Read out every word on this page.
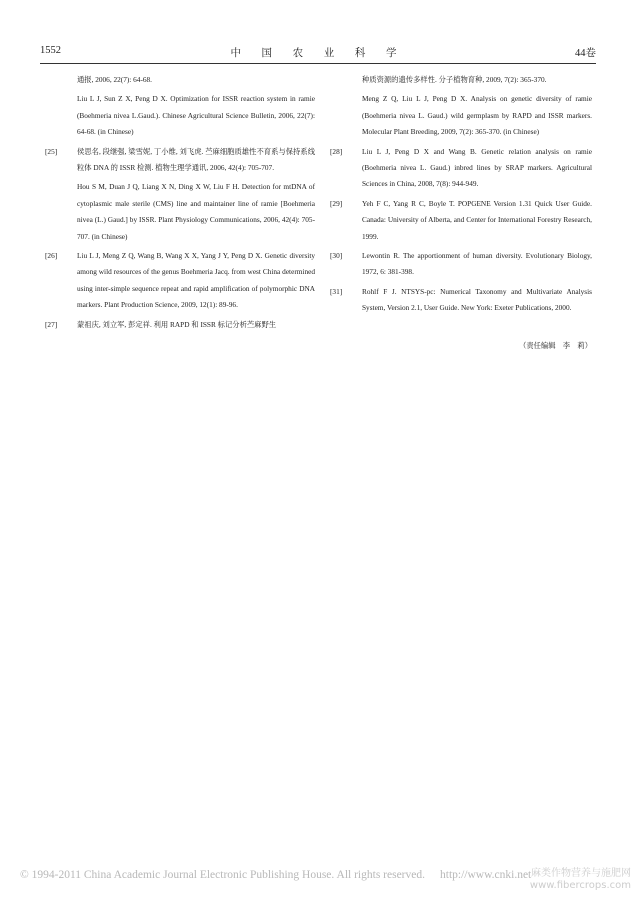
1552	中 国 农 业 科 学	44卷
通报, 2006, 22(7): 64-68.
Liu L J, Sun Z X, Peng D X. Optimization for ISSR reaction system in ramie (Boehmeria nivea L.Gaud.). Chinese Agricultural Science Bulletin, 2006, 22(7): 64-68. (in Chinese)
[25]	侯思名, 段继强, 梁雪妮, 丁小维, 刘飞虎. 苎麻细胞质雄性不育系与保持系线粒体 DNA 的 ISSR 检测. 植物生理学通讯, 2006, 42(4): 705-707.
Hou S M, Duan J Q, Liang X N, Ding X W, Liu F H. Detection for mtDNA of cytoplasmic male sterile (CMS) line and maintainer line of ramie [Boehmeria nivea (L.) Gaud.] by ISSR. Plant Physiology Communications, 2006, 42(4): 705-707. (in Chinese)
[26]	Liu L J, Meng Z Q, Wang B, Wang X X, Yang J Y, Peng D X. Genetic diversity among wild resources of the genus Boehmeria Jacq. from west China determined using inter-simple sequence repeat and rapid amplification of polymorphic DNA markers. Plant Production Science, 2009, 12(1): 89-96.
[27]	蒙祖庆, 刘立军, 彭定祥. 利用 RAPD 和 ISSR 标记分析苎麻野生
种质资源的遗传多样性. 分子植物育种, 2009, 7(2): 365-370.
Meng Z Q, Liu L J, Peng D X. Analysis on genetic diversity of ramie (Boehmeria nivea L. Gaud.) wild germplasm by RAPD and ISSR markers. Molecular Plant Breeding, 2009, 7(2): 365-370. (in Chinese)
[28]	Liu L J, Peng D X and Wang B. Genetic relation analysis on ramie (Boehmeria nivea L. Gaud.) inbred lines by SRAP markers. Agricultural Sciences in China, 2008, 7(8): 944-949.
[29]	Yeh F C, Yang R C, Boyle T. POPGENE Version 1.31 Quick User Guide. Canada: University of Alberta, and Center for International Forestry Research, 1999.
[30]	Lewontin R. The apportionment of human diversity. Evolutionary Biology, 1972, 6: 381-398.
[31]	Rohlf F J. NTSYS-pc: Numerical Taxonomy and Multivariate Analysis System, Version 2.1, User Guide. New York: Exeter Publications, 2000.
（责任编辑　李　莉）
© 1994-2011 China Academic Journal Electronic Publishing House. All rights reserved. http://www.cnki.net 麻类作物营养与施肥网
www.fibercrops.com
